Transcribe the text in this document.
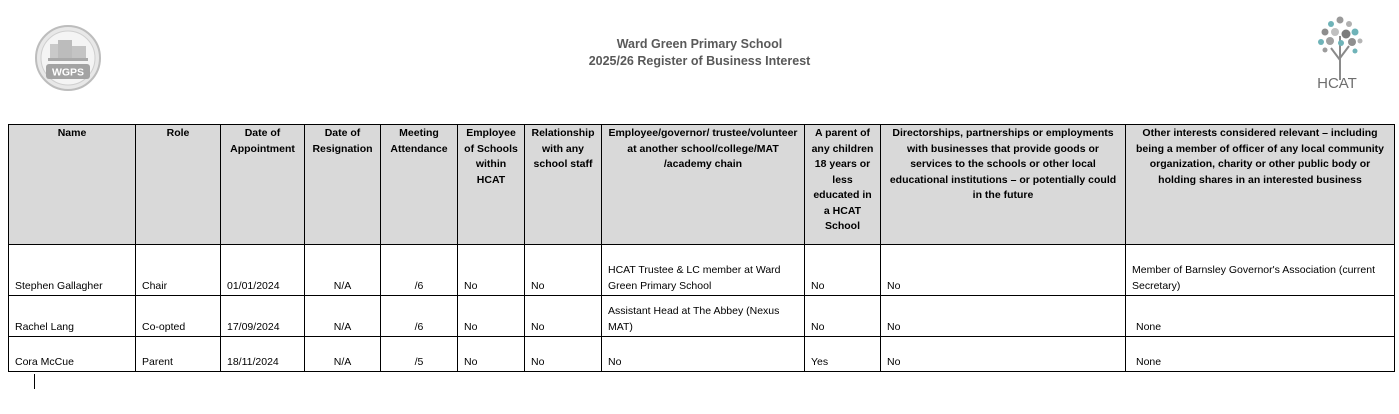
WGPS
Ward Green Primary School
2025/26 Register of Business Interest
HCAT
Name	Role	Date of Appointment	Date of Resignation	Meeting Attendance	Employee of Schools within HCAT	Relationship with any school staff	Employee/governor/ trustee/volunteer at another school/college/MAT /academy chain	A parent of any children 18 years or less educated in a HCAT School	Directorships, partnerships or employments with businesses that provide goods or services to the schools or other local educational institutions – or potentially could in the future	Other interests considered relevant – including being a member of officer of any local community organization, charity or other public body or holding shares in an interested business
Stephen Gallagher	Chair	01/01/2024	N/A	/6	No	No	HCAT Trustee & LC member at Ward Green Primary School	No	No	Member of Barnsley Governor's Association (current Secretary)
Rachel Lang	Co-opted	17/09/2024	N/A	/6	No	No	Assistant Head at The Abbey (Nexus MAT)	No	No	None
Cora McCue	Parent	18/11/2024	N/A	/5	No	No	No	Yes	No	None
